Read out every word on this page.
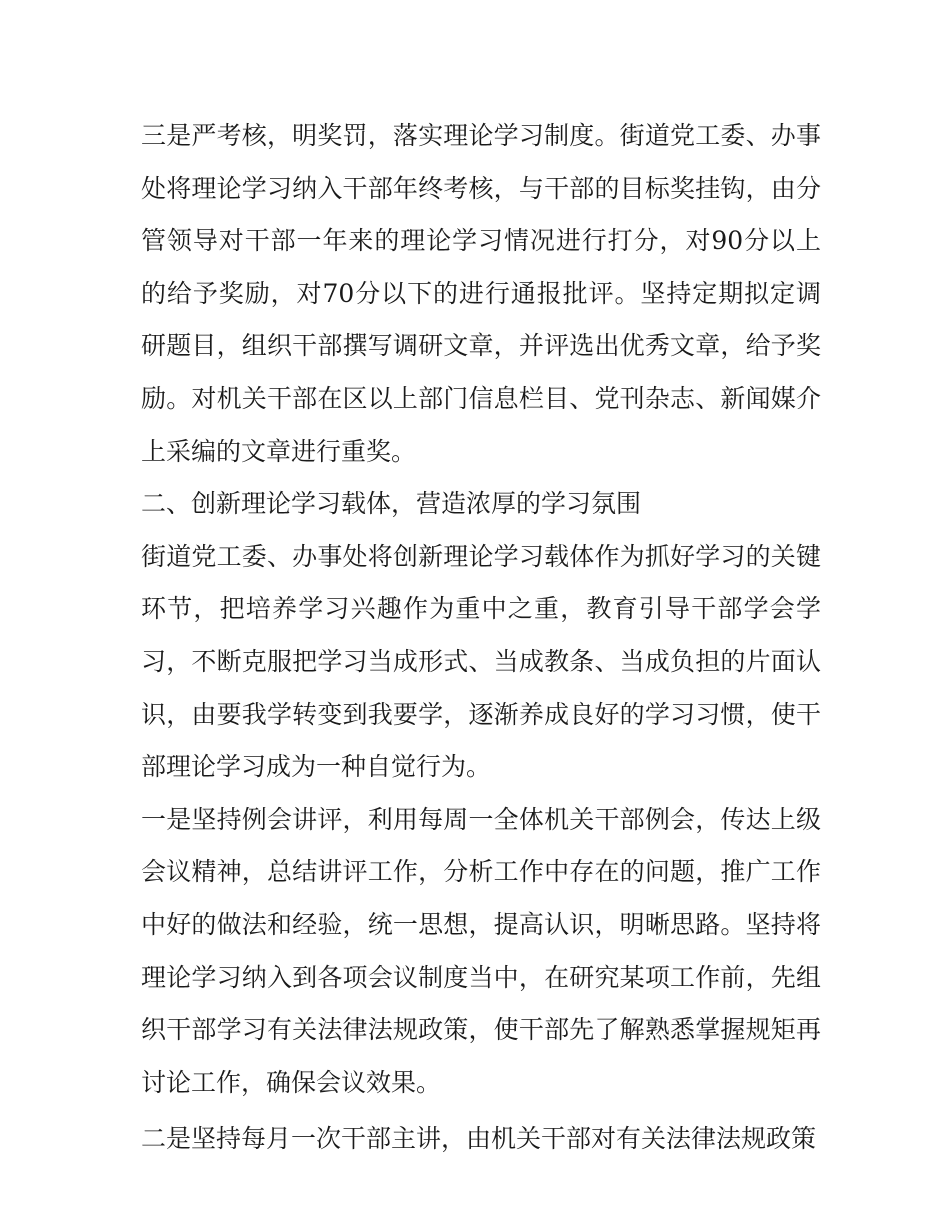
三是严考核，明奖罚，落实理论学习制度。街道党工委、办事处将理论学习纳入干部年终考核，与干部的目标奖挂钩，由分管领导对干部一年来的理论学习情况进行打分，对90分以上的给予奖励，对70分以下的进行通报批评。坚持定期拟定调研题目，组织干部撰写调研文章，并评选出优秀文章，给予奖励。对机关干部在区以上部门信息栏目、党刊杂志、新闻媒介上采编的文章进行重奖。

二、创新理论学习载体，营造浓厚的学习氛围

街道党工委、办事处将创新理论学习载体作为抓好学习的关键环节，把培养学习兴趣作为重中之重，教育引导干部学会学习，不断克服把学习当成形式、当成教条、当成负担的片面认识，由要我学转变到我要学，逐渐养成良好的学习习惯，使干部理论学习成为一种自觉行为。

一是坚持例会讲评，利用每周一全体机关干部例会，传达上级会议精神，总结讲评工作，分析工作中存在的问题，推广工作中好的做法和经验，统一思想，提高认识，明晰思路。坚持将理论学习纳入到各项会议制度当中，在研究某项工作前，先组织干部学习有关法律法规政策，使干部先了解熟悉掌握规矩再讨论工作，确保会议效果。

二是坚持每月一次干部主讲，由机关干部对有关法律法规政策
